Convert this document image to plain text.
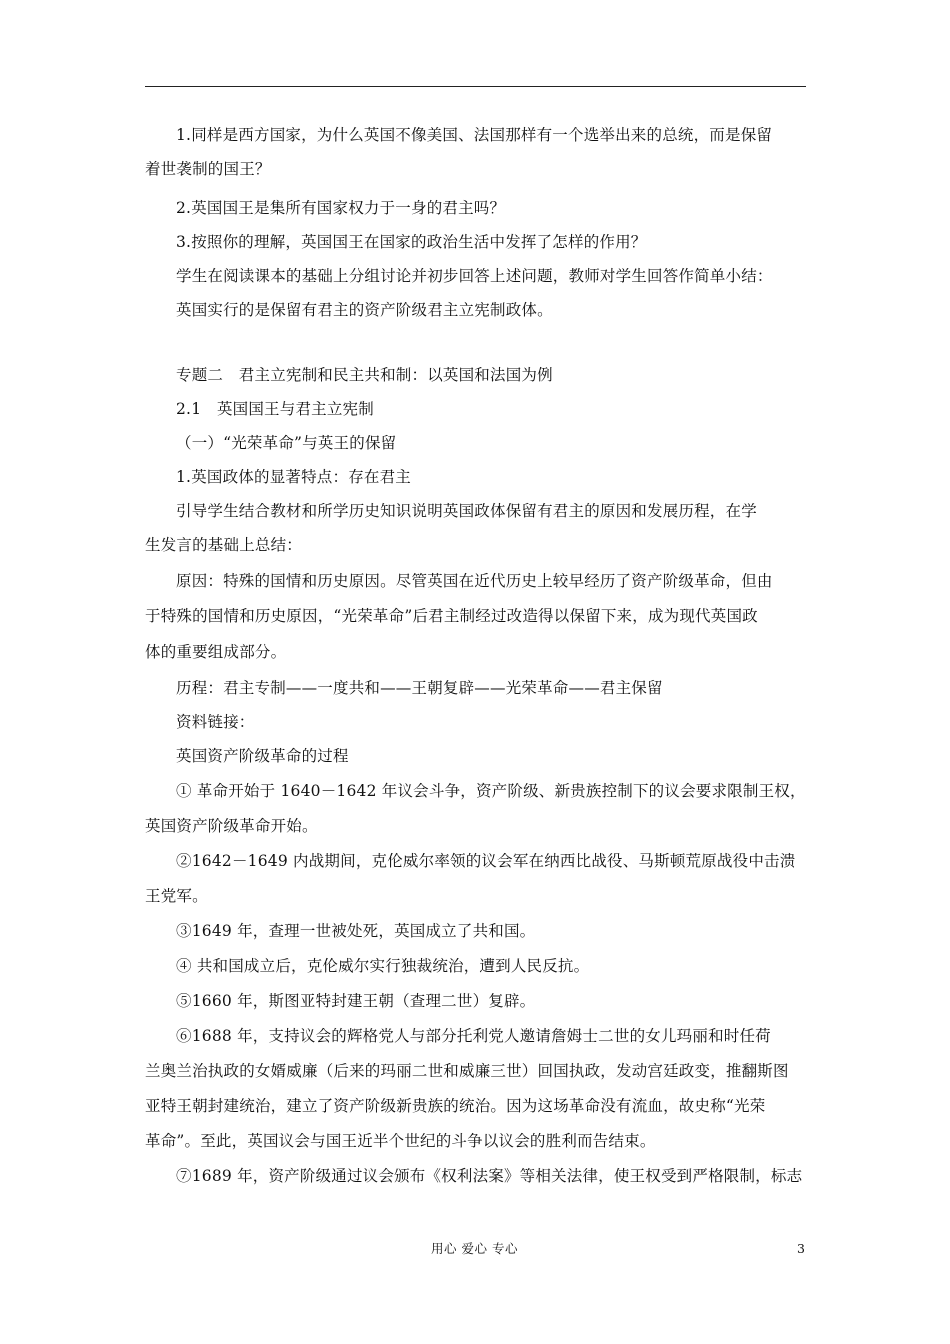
1.同样是西方国家，为什么英国不像美国、法国那样有一个选举出来的总统，而是保留
着世袭制的国王？
2.英国国王是集所有国家权力于一身的君主吗？
3.按照你的理解，英国国王在国家的政治生活中发挥了怎样的作用？
学生在阅读课本的基础上分组讨论并初步回答上述问题，教师对学生回答作简单小结：
英国实行的是保留有君主的资产阶级君主立宪制政体。
专题二　君主立宪制和民主共和制：以英国和法国为例
2.1　英国国王与君主立宪制
（一）“光荣革命”与英王的保留
1.英国政体的显著特点：存在君主
引导学生结合教材和所学历史知识说明英国政体保留有君主的原因和发展历程，在学
生发言的基础上总结：
原因：特殊的国情和历史原因。尽管英国在近代历史上较早经历了资产阶级革命，但由
于特殊的国情和历史原因，“光荣革命”后君主制经过改造得以保留下来，成为现代英国政
体的重要组成部分。
历程：君主专制——一度共和——王朝复辟——光荣革命——君主保留
资料链接：
英国资产阶级革命的过程
① 革命开始于 1640－1642 年议会斗争，资产阶级、新贵族控制下的议会要求限制王权，
英国资产阶级革命开始。
②1642－1649 内战期间，克伦威尔率领的议会军在纳西比战役、马斯顿荒原战役中击溃
王党军。
③1649 年，查理一世被处死，英国成立了共和国。
④ 共和国成立后，克伦威尔实行独裁统治，遭到人民反抗。
⑤1660 年，斯图亚特封建王朝（查理二世）复辟。
⑥1688 年，支持议会的辉格党人与部分托利党人邀请詹姆士二世的女儿玛丽和时任荷
兰奥兰治执政的女婿威廉（后来的玛丽二世和威廉三世）回国执政，发动宫廷政变，推翻斯图
亚特王朝封建统治，建立了资产阶级新贵族的统治。因为这场革命没有流血，故史称“光荣
革命”。至此，英国议会与国王近半个世纪的斗争以议会的胜利而告结束。
⑦1689 年，资产阶级通过议会颁布《权利法案》等相关法律，使王权受到严格限制，标志
用心 爱心 专心	3
